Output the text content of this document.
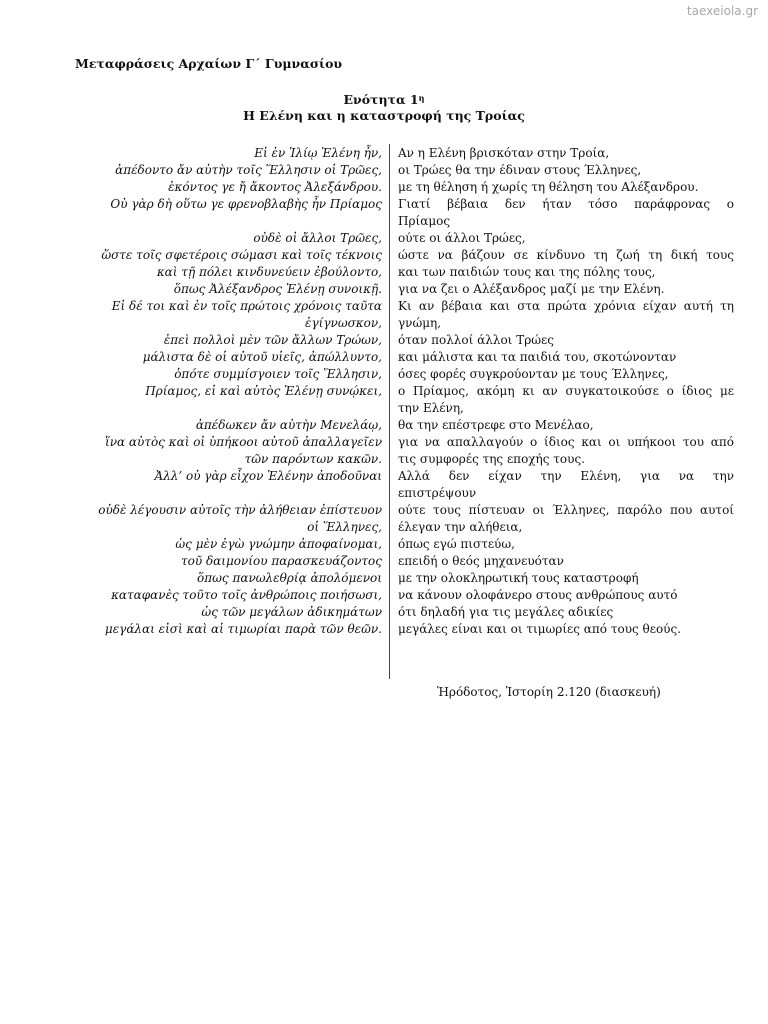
taexeiola.gr
Μεταφράσεις Αρχαίων Γ΄ Γυμνασίου
Ενότητα $1^\eta$
Η Ελένη και η καταστροφή της Τροίας
Εἰ ἐν Ἰλίῳ Ἑλένη ἦν, Αν η Ελένη βρισκόταν στην Τροία,
ἀπέδοντο ἄν αὐτὴν τοῖς Ἕλλησιν οἱ Τρῶες, οι Τρώες θα την έδιναν στους Έλληνες,
ἑκόντος γε ἤ ἄκοντος Ἀλεξάνδρου. με τη θέληση ή χωρίς τη θέληση του Αλέξανδρου.
Οὐ γὰρ δὴ οὕτω γε φρενοβλαβὴς ἦν Πρίαμος
Γιατί βέβαια δεν ήταν τόσο παράφρονας ο
Πρίαμος
οὐδὲ οἱ ἄλλοι Τρῶες, ούτε οι άλλοι Τρώες,
ὥστε τοῖς σφετέροις σώμασι καὶ τοῖς τέκνοις ώστε να βάζουν σε κίνδυνο τη ζωή τη δική τους
καὶ τῇ πόλει κινδυνεύειν ἐβούλοντο, και των παιδιών τους και της πόλης τους,
ὅπως Ἀλέξανδρος Ἑλένῃ συνοικῇ. για να ζει ο Αλέξανδρος μαζί με την Ελένη.
Εἰ δέ τοι καὶ ἐν τοῖς πρώτοις χρόνοις ταῦτα
ἐγίγνωσκον,
Κι αν βέβαια και στα πρώτα χρόνια είχαν αυτή τη
γνώμη,
ἐπεὶ πολλοὶ μὲν τῶν ἄλλων Τρώων, όταν πολλοί άλλοι Τρώες
μάλιστα δὲ οἱ αὐτοῦ υἱεῖς, ἀπώλλυντο, και μάλιστα και τα παιδιά του, σκοτώνονταν
ὁπότε συμμίσγοιεν τοῖς Ἕλλησιν, όσες φορές συγκρούονταν με τους Έλληνες,
Πρίαμος, εἰ καὶ αὐτὸς Ἑλένῃ συνῴκει,
ο Πρίαμος, ακόμη κι αν συγκατοικούσε ο ίδιος με
την Ελένη,
ἀπέδωκεν ἄν αὐτὴν Μενελάῳ, θα την επέστρεφε στο Μενέλαο,
ἵνα αὐτὸς καὶ οἱ ὑπήκοοι αὐτοῦ ἀπαλλαγεῖεν
τῶν παρόντων κακῶν.
για να απαλλαγούν ο ίδιος και οι υπήκοοι του από
τις συμφορές της εποχής τους.
Ἀλλ’ οὐ γὰρ εἶχον Ἑλένην ἀποδοῦναι
Αλλά δεν είχαν την Ελένη, για να την
επιστρέψουν
οὐδὲ λέγουσιν αὐτοῖς τὴν ἀλήθειαν ἐπίστευον
οἱ Ἕλληνες,
ούτε τους πίστευαν οι Έλληνες, παρόλο που αυτοί
έλεγαν την αλήθεια,
ὡς μὲν ἐγὼ γνώμην ἀποφαίνομαι, όπως εγώ πιστεύω,
τοῦ δαιμονίου παρασκευάζοντος επειδή ο θεός μηχανευόταν
ὅπως πανωλεθρίᾳ ἀπολόμενοι με την ολοκληρωτική τους καταστροφή
καταφανὲς τοῦτο τοῖς ἀνθρώποις ποιήσωσι, να κάνουν ολοφάνερο στους ανθρώπους αυτό
ὡς τῶν μεγάλων ἀδικημάτων ότι δηλαδή για τις μεγάλες αδικίες
μεγάλαι εἰσὶ καὶ αἱ τιμωρίαι παρὰ τῶν θεῶν. μεγάλες είναι και οι τιμωρίες από τους θεούς.
Ἡρόδοτος, Ἱστορίη 2.120 (διασκευή)
